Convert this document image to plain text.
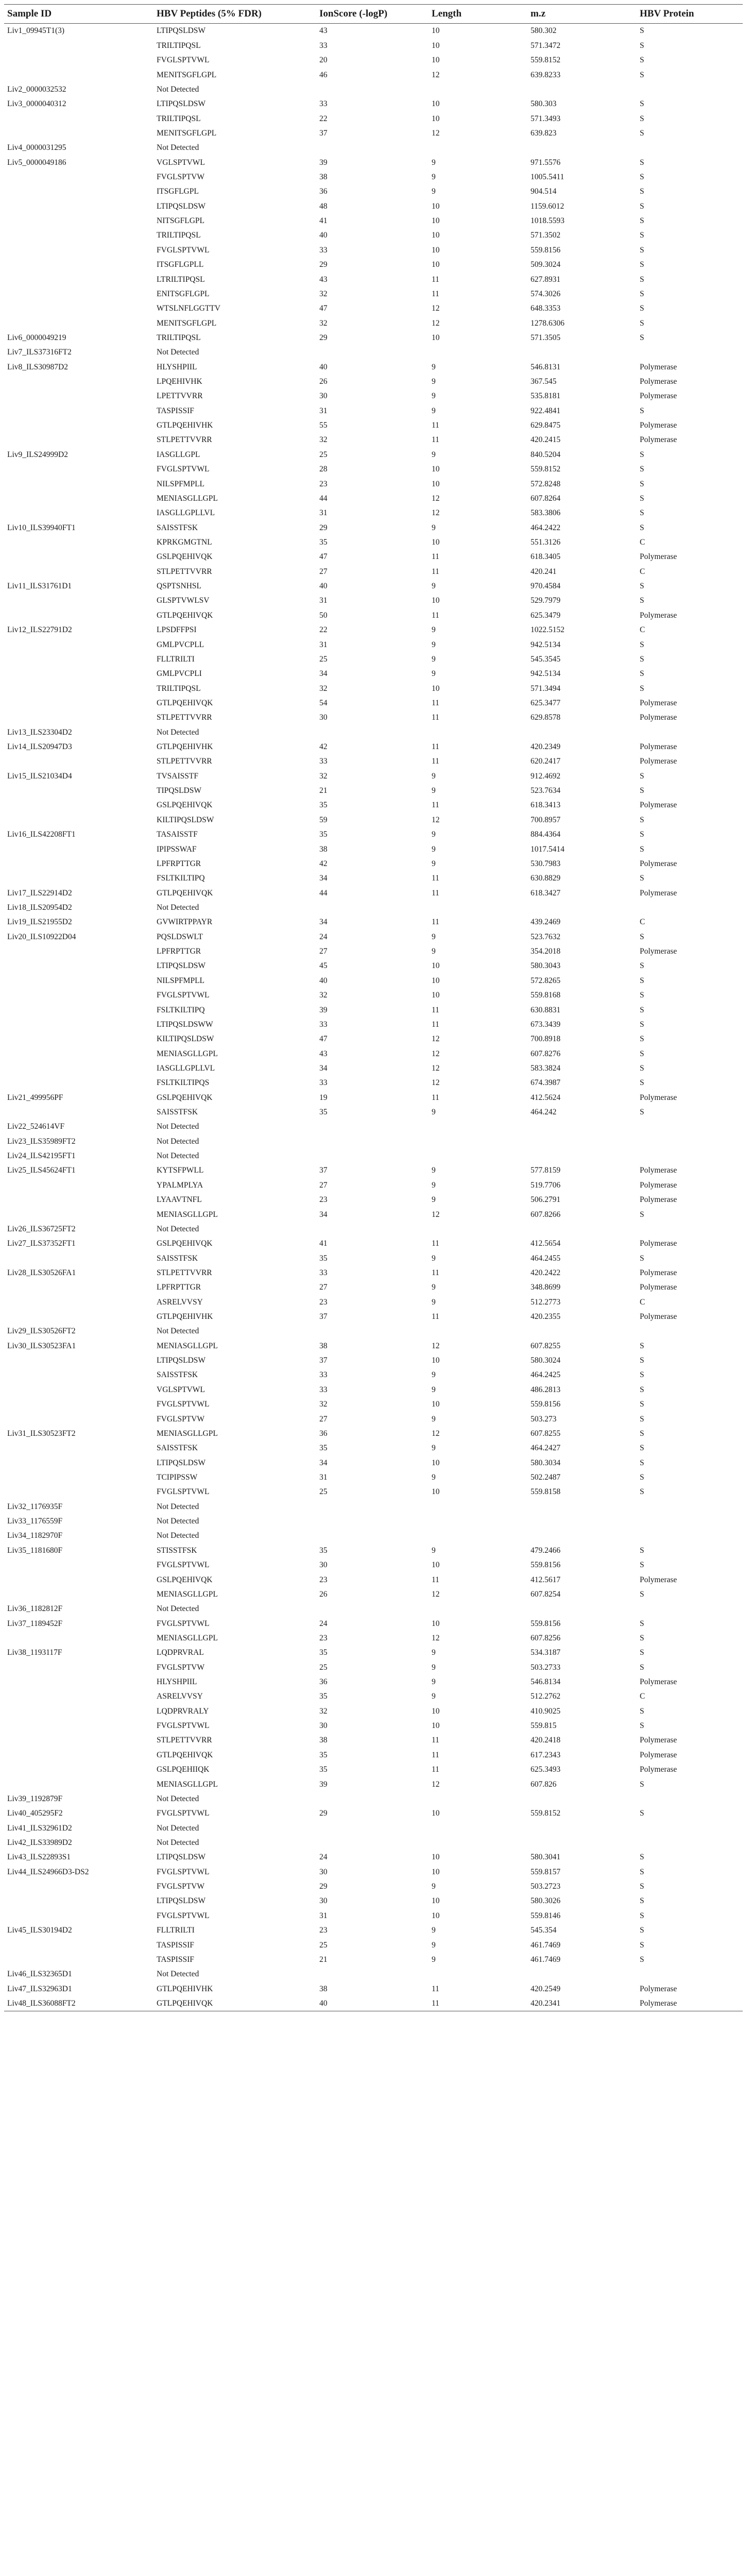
Sample ID	HBV Peptides (5% FDR)	IonScore (-logP)	Length	m.z	HBV Protein
Liv1_09945T1(3)	LTIPQSLDSW	43	10	580.302	S
	TRILTIPQSL	33	10	571.3472	S
	FVGLSPTVWL	20	10	559.8152	S
	MENITSGFLGPL	46	12	639.8233	S
Liv2_0000032532	Not Detected				
Liv3_0000040312	LTIPQSLDSW	33	10	580.303	S
	TRILTIPQSL	22	10	571.3493	S
	MENITSGFLGPL	37	12	639.823	S
Liv4_0000031295	Not Detected				
Liv5_0000049186	VGLSPTVWL	39	9	971.5576	S
	FVGLSPTVW	38	9	1005.5411	S
	ITSGFLGPL	36	9	904.514	S
	LTIPQSLDSW	48	10	1159.6012	S
	NITSGFLGPL	41	10	1018.5593	S
	TRILTIPQSL	40	10	571.3502	S
	FVGLSPTVWL	33	10	559.8156	S
	ITSGFLGPLL	29	10	509.3024	S
	LTRILTIPQSL	43	11	627.8931	S
	ENITSGFLGPL	32	11	574.3026	S
	WTSLNFLGGTTV	47	12	648.3353	S
	MENITSGFLGPL	32	12	1278.6306	S
Liv6_0000049219	TRILTIPQSL	29	10	571.3505	S
Liv7_ILS37316FT2	Not Detected				
Liv8_ILS30987D2	HLYSHPIIL	40	9	546.8131	Polymerase
	LPQEHIVHK	26	9	367.545	Polymerase
	LPETTVVRR	30	9	535.8181	Polymerase
	TASPISSIF	31	9	922.4841	S
	GTLPQEHIVHK	55	11	629.8475	Polymerase
	STLPETTVVRR	32	11	420.2415	Polymerase
Liv9_ILS24999D2	IASGLLGPL	25	9	840.5204	S
	FVGLSPTVWL	28	10	559.8152	S
	NILSPFMPLL	23	10	572.8248	S
	MENIASGLLGPL	44	12	607.8264	S
	IASGLLGPLLVL	31	12	583.3806	S
Liv10_ILS39940FT1	SAISSTFSK	29	9	464.2422	S
	KPRKGMGTNL	35	10	551.3126	C
	GSLPQEHIVQK	47	11	618.3405	Polymerase
	STLPETTVVRR	27	11	420.241	C
Liv11_ILS31761D1	QSPTSNHSL	40	9	970.4584	S
	GLSPTVWLSV	31	10	529.7979	S
	GTLPQEHIVQK	50	11	625.3479	Polymerase
Liv12_ILS22791D2	LPSDFFPSI	22	9	1022.5152	C
	GMLPVCPLL	31	9	942.5134	S
	FLLTRILTI	25	9	545.3545	S
	GMLPVCPLI	34	9	942.5134	S
	TRILTIPQSL	32	10	571.3494	S
	GTLPQEHIVQK	54	11	625.3477	Polymerase
	STLPETTVVRR	30	11	629.8578	Polymerase
Liv13_ILS23304D2	Not Detected				
Liv14_ILS20947D3	GTLPQEHIVHK	42	11	420.2349	Polymerase
	STLPETTVVRR	33	11	620.2417	Polymerase
Liv15_ILS21034D4	TVSAISSTF	32	9	912.4692	S
	TIPQSLDSW	21	9	523.7634	S
	GSLPQEHIVQK	35	11	618.3413	Polymerase
	KILTIPQSLDSW	59	12	700.8957	S
Liv16_ILS42208FT1	TASAISSTF	35	9	884.4364	S
	IPIPSSWAF	38	9	1017.5414	S
	LPFRPTTGR	42	9	530.7983	Polymerase
	FSLTKILTIPQ	34	11	630.8829	S
Liv17_ILS22914D2	GTLPQEHIVQK	44	11	618.3427	Polymerase
Liv18_ILS20954D2	Not Detected				
Liv19_ILS21955D2	GVWIRTPPAYR	34	11	439.2469	C
Liv20_ILS10922D04	PQSLDSWLT	24	9	523.7632	S
	LPFRPTTGR	27	9	354.2018	Polymerase
	LTIPQSLDSW	45	10	580.3043	S
	NILSPFMPLL	40	10	572.8265	S
	FVGLSPTVWL	32	10	559.8168	S
	FSLTKILTIPQ	39	11	630.8831	S
	LTIPQSLDSWW	33	11	673.3439	S
	KILTIPQSLDSW	47	12	700.8918	S
	MENIASGLLGPL	43	12	607.8276	S
	IASGLLGPLLVL	34	12	583.3824	S
	FSLTKILTIPQS	33	12	674.3987	S
Liv21_499956PF	GSLPQEHIVQK	19	11	412.5624	Polymerase
	SAISSTFSK	35	9	464.242	S
Liv22_524614VF	Not Detected				
Liv23_ILS35989FT2	Not Detected				
Liv24_ILS42195FT1	Not Detected				
Liv25_ILS45624FT1	KYTSFPWLL	37	9	577.8159	Polymerase
	YPALMPLYA	27	9	519.7706	Polymerase
	LYAAVTNFL	23	9	506.2791	Polymerase
	MENIASGLLGPL	34	12	607.8266	S
Liv26_ILS36725FT2	Not Detected				
Liv27_ILS37352FT1	GSLPQEHIVQK	41	11	412.5654	Polymerase
	SAISSTFSK	35	9	464.2455	S
Liv28_ILS30526FA1	STLPETTVVRR	33	11	420.2422	Polymerase
	LPFRPTTGR	27	9	348.8699	Polymerase
	ASRELVVSY	23	9	512.2773	C
	GTLPQEHIVHK	37	11	420.2355	Polymerase
Liv29_ILS30526FT2	Not Detected				
Liv30_ILS30523FA1	MENIASGLLGPL	38	12	607.8255	S
	LTIPQSLDSW	37	10	580.3024	S
	SAISSTFSK	33	9	464.2425	S
	VGLSPTVWL	33	9	486.2813	S
	FVGLSPTVWL	32	10	559.8156	S
	FVGLSPTVW	27	9	503.273	S
Liv31_ILS30523FT2	MENIASGLLGPL	36	12	607.8255	S
	SAISSTFSK	35	9	464.2427	S
	LTIPQSLDSW	34	10	580.3034	S
	TCIPIPSSW	31	9	502.2487	S
	FVGLSPTVWL	25	10	559.8158	S
Liv32_1176935F	Not Detected				
Liv33_1176559F	Not Detected				
Liv34_1182970F	Not Detected				
Liv35_1181680F	STISSTFSK	35	9	479.2466	S
	FVGLSPTVWL	30	10	559.8156	S
	GSLPQEHIVQK	23	11	412.5617	Polymerase
	MENIASGLLGPL	26	12	607.8254	S
Liv36_1182812F	Not Detected				
Liv37_1189452F	FVGLSPTVWL	24	10	559.8156	S
	MENIASGLLGPL	23	12	607.8256	S
Liv38_1193117F	LQDPRVRAL	35	9	534.3187	S
	FVGLSPTVW	25	9	503.2733	S
	HLYSHPIIL	36	9	546.8134	Polymerase
	ASRELVVSY	35	9	512.2762	C
	LQDPRVRALY	32	10	410.9025	S
	FVGLSPTVWL	30	10	559.815	S
	STLPETTVVRR	38	11	420.2418	Polymerase
	GTLPQEHIVQK	35	11	617.2343	Polymerase
	GSLPQEHIIQK	35	11	625.3493	Polymerase
	MENIASGLLGPL	39	12	607.826	S
Liv39_1192879F	Not Detected				
Liv40_405295F2	FVGLSPTVWL	29	10	559.8152	S
Liv41_ILS32961D2	Not Detected				
Liv42_ILS33989D2	Not Detected				
Liv43_ILS22893S1	LTIPQSLDSW	24	10	580.3041	S
Liv44_ILS24966D3-DS2	FVGLSPTVWL	30	10	559.8157	S
	FVGLSPTVW	29	9	503.2723	S
	LTIPQSLDSW	30	10	580.3026	S
	FVGLSPTVWL	31	10	559.8146	S
Liv45_ILS30194D2	FLLTRILTI	23	9	545.354	S
	TASPISSIF	25	9	461.7469	S
	TASPISSIF	21	9	461.7469	S
Liv46_ILS32365D1	Not Detected				
Liv47_ILS32963D1	GTLPQEHIVHK	38	11	420.2549	Polymerase
Liv48_ILS36088FT2	GTLPQEHIVQK	40	11	420.2341	Polymerase
